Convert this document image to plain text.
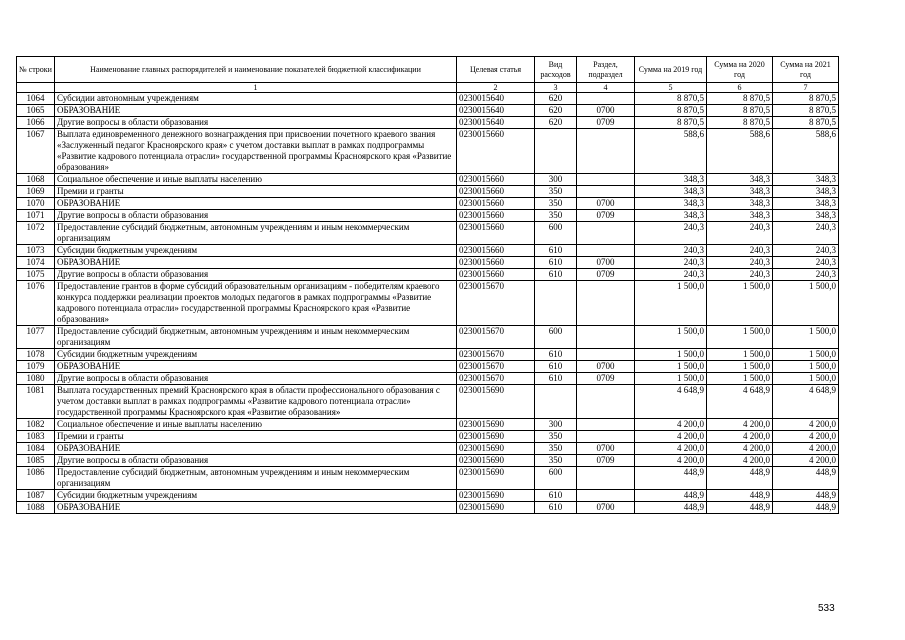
№ строки	Наименование главных распорядителей и наименование показателей бюджетной классификации	Целевая статья	Вид расходов	Раздел, подраздел	Сумма на 2019 год	Сумма на 2020 год	Сумма на 2021 год
	1	2	3	4	5	6	7
1064	Субсидии автономным учреждениям	0230015640	620		8 870,5	8 870,5	8 870,5
1065	ОБРАЗОВАНИЕ	0230015640	620	0700	8 870,5	8 870,5	8 870,5
1066	Другие вопросы в области образования	0230015640	620	0709	8 870,5	8 870,5	8 870,5
1067	Выплата единовременного денежного вознаграждения при присвоении почетного краевого звания «Заслуженный педагог Красноярского края» с учетом доставки выплат в рамках подпрограммы «Развитие кадрового потенциала отрасли» государственной программы Красноярского края «Развитие образования»	0230015660			588,6	588,6	588,6
1068	Социальное обеспечение и иные выплаты населению	0230015660	300		348,3	348,3	348,3
1069	Премии и гранты	0230015660	350		348,3	348,3	348,3
1070	ОБРАЗОВАНИЕ	0230015660	350	0700	348,3	348,3	348,3
1071	Другие вопросы в области образования	0230015660	350	0709	348,3	348,3	348,3
1072	Предоставление субсидий бюджетным, автономным учреждениям и иным некоммерческим организациям	0230015660	600		240,3	240,3	240,3
1073	Субсидии бюджетным учреждениям	0230015660	610		240,3	240,3	240,3
1074	ОБРАЗОВАНИЕ	0230015660	610	0700	240,3	240,3	240,3
1075	Другие вопросы в области образования	0230015660	610	0709	240,3	240,3	240,3
1076	Предоставление грантов в форме субсидий образовательным организациям - победителям краевого конкурса поддержки реализации проектов молодых педагогов в рамках подпрограммы «Развитие кадрового потенциала отрасли» государственной программы Красноярского края «Развитие образования»	0230015670			1 500,0	1 500,0	1 500,0
1077	Предоставление субсидий бюджетным, автономным учреждениям и иным некоммерческим организациям	0230015670	600		1 500,0	1 500,0	1 500,0
1078	Субсидии бюджетным учреждениям	0230015670	610		1 500,0	1 500,0	1 500,0
1079	ОБРАЗОВАНИЕ	0230015670	610	0700	1 500,0	1 500,0	1 500,0
1080	Другие вопросы в области образования	0230015670	610	0709	1 500,0	1 500,0	1 500,0
1081	Выплата государственных премий Красноярского края в области профессионального образования с учетом доставки выплат в рамках подпрограммы «Развитие кадрового потенциала отрасли» государственной программы Красноярского края «Развитие образования»	0230015690			4 648,9	4 648,9	4 648,9
1082	Социальное обеспечение и иные выплаты населению	0230015690	300		4 200,0	4 200,0	4 200,0
1083	Премии и гранты	0230015690	350		4 200,0	4 200,0	4 200,0
1084	ОБРАЗОВАНИЕ	0230015690	350	0700	4 200,0	4 200,0	4 200,0
1085	Другие вопросы в области образования	0230015690	350	0709	4 200,0	4 200,0	4 200,0
1086	Предоставление субсидий бюджетным, автономным учреждениям и иным некоммерческим организациям	0230015690	600		448,9	448,9	448,9
1087	Субсидии бюджетным учреждениям	0230015690	610		448,9	448,9	448,9
1088	ОБРАЗОВАНИЕ	0230015690	610	0700	448,9	448,9	448,9
533
